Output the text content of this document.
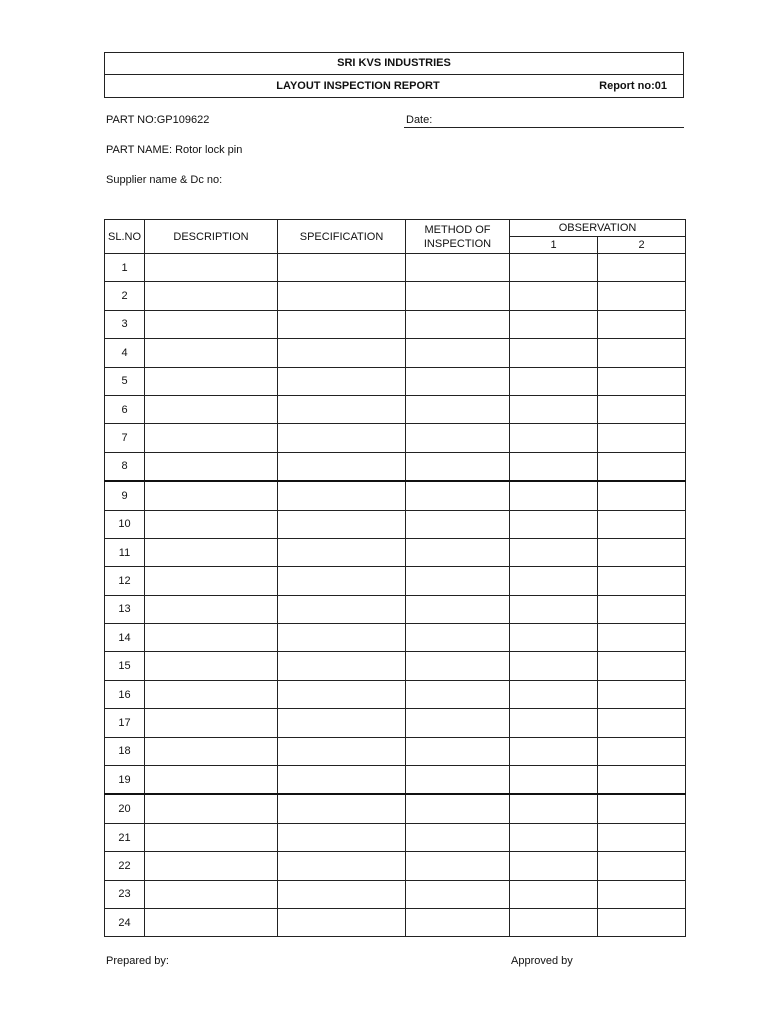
SRI KVS INDUSTRIES
LAYOUT INSPECTION REPORT	Report no:01
PART NO:GP109622	Date:
PART NAME: Rotor lock pin
Supplier name & Dc no:
SL.NO	DESCRIPTION	SPECIFICATION	METHOD OF INSPECTION	OBSERVATION	
				1	2
1					
2					
3					
4					
5					
6					
7					
8					
9					
10					
11					
12					
13					
14					
15					
16					
17					
18					
19					
20					
21					
22					
23					
24					
Prepared by:	Approved by
